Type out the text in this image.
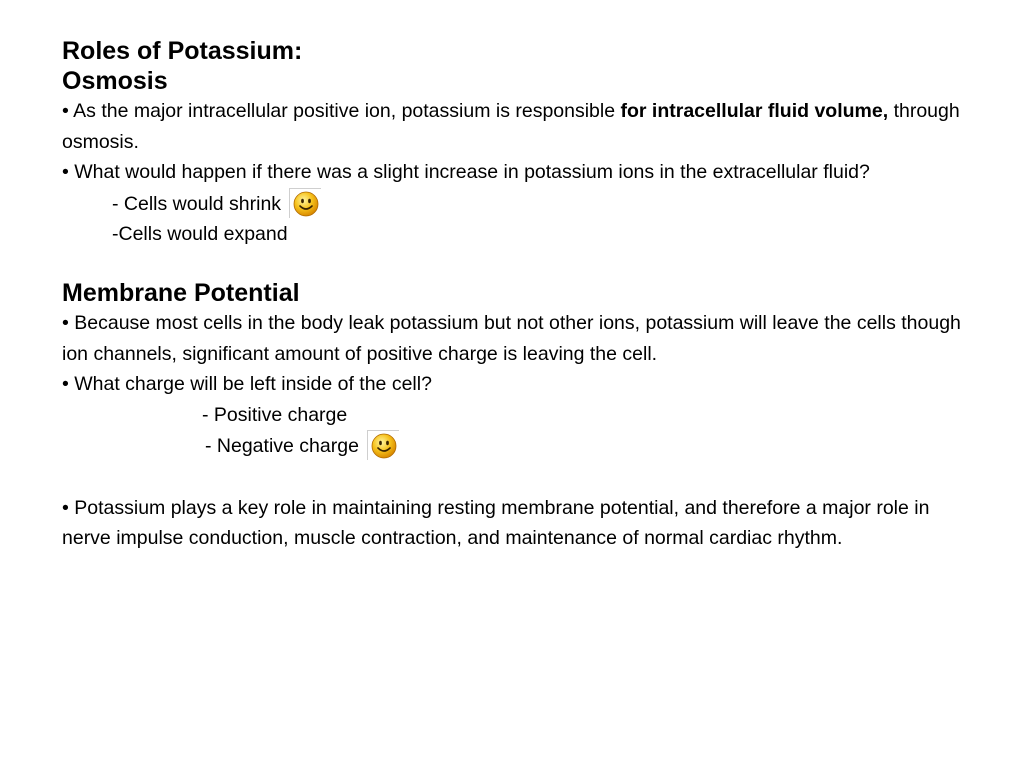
Roles of Potassium:
Osmosis

• As the major intracellular positive ion, potassium is responsible for intracellular fluid volume, through osmosis.

• What would happen if there was a slight increase in potassium ions in the extracellular fluid?

- Cells would shrink

-Cells would expand

Membrane Potential

• Because most cells in the body leak potassium but not other ions, potassium will leave the cells though ion channels, significant amount of positive charge is leaving the cell.

• What charge will be left inside of the cell?

- Positive charge

- Negative charge

• Potassium plays a key role in maintaining resting membrane potential, and therefore a major role in nerve impulse conduction, muscle contraction, and maintenance of normal cardiac rhythm.
